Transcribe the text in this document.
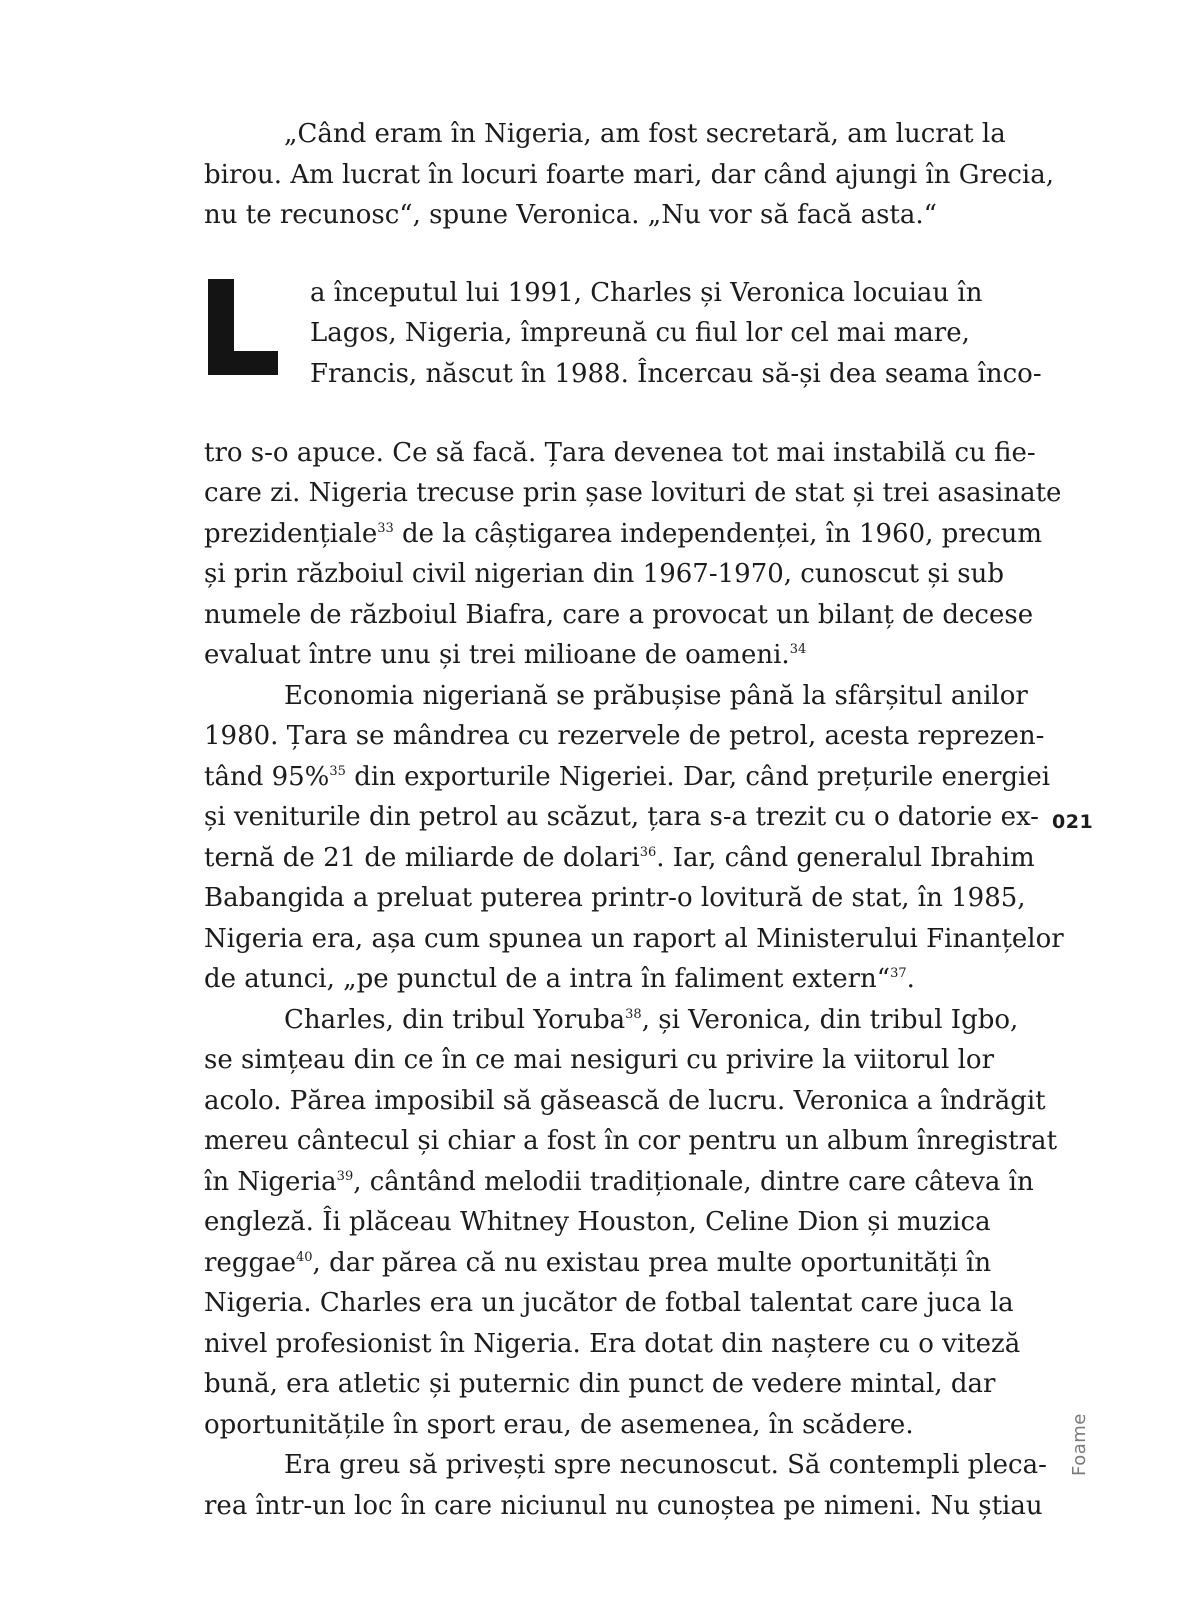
„Când eram în Nigeria, am fost secretară, am lucrat la

birou. Am lucrat în locuri foarte mari, dar când ajungi în Grecia,

nu te recunosc“, spune Veronica. „Nu vor să facă asta.“

a începutul lui 1991, Charles și Veronica locuiau în

Lagos, Nigeria, împreună cu fiul lor cel mai mare,

Francis, născut în 1988. Încercau să-și dea seama înco-

tro s-o apuce. Ce să facă. Țara devenea tot mai instabilă cu fie-

care zi. Nigeria trecuse prin șase lovituri de stat și trei asasinate

prezidențiale$^{33}$ de la câștigarea independenței, în 1960, precum

și prin războiul civil nigerian din 1967-1970, cunoscut și sub

numele de războiul Biafra, care a provocat un bilanț de decese

evaluat între unu și trei milioane de oameni.$^{34}$

Economia nigeriană se prăbușise până la sfârșitul anilor

1980. Țara se mândrea cu rezervele de petrol, acesta reprezen-

tând 95%$^{35}$ din exporturile Nigeriei. Dar, când prețurile energiei

și veniturile din petrol au scăzut, țara s-a trezit cu o datorie ex-

ternă de 21 de miliarde de dolari$^{36}$. Iar, când generalul Ibrahim

Babangida a preluat puterea printr-o lovitură de stat, în 1985,

Nigeria era, așa cum spunea un raport al Ministerului Finanțelor

de atunci, „pe punctul de a intra în faliment extern“$^{37}$.

Charles, din tribul Yoruba$^{38}$, și Veronica, din tribul Igbo,

se simțeau din ce în ce mai nesiguri cu privire la viitorul lor

acolo. Părea imposibil să găsească de lucru. Veronica a îndrăgit

mereu cântecul și chiar a fost în cor pentru un album înregistrat

în Nigeria$^{39}$, cântând melodii tradiționale, dintre care câteva în

engleză. Îi plăceau Whitney Houston, Celine Dion și muzica

reggae$^{40}$, dar părea că nu existau prea multe oportunități în

Nigeria. Charles era un jucător de fotbal talentat care juca la

nivel profesionist în Nigeria. Era dotat din naștere cu o viteză

bună, era atletic și puternic din punct de vedere mintal, dar

oportunitățile în sport erau, de asemenea, în scădere.

Era greu să privești spre necunoscut. Să contempli pleca-

rea într-un loc în care niciunul nu cunoștea pe nimeni. Nu știau

021
Foame
